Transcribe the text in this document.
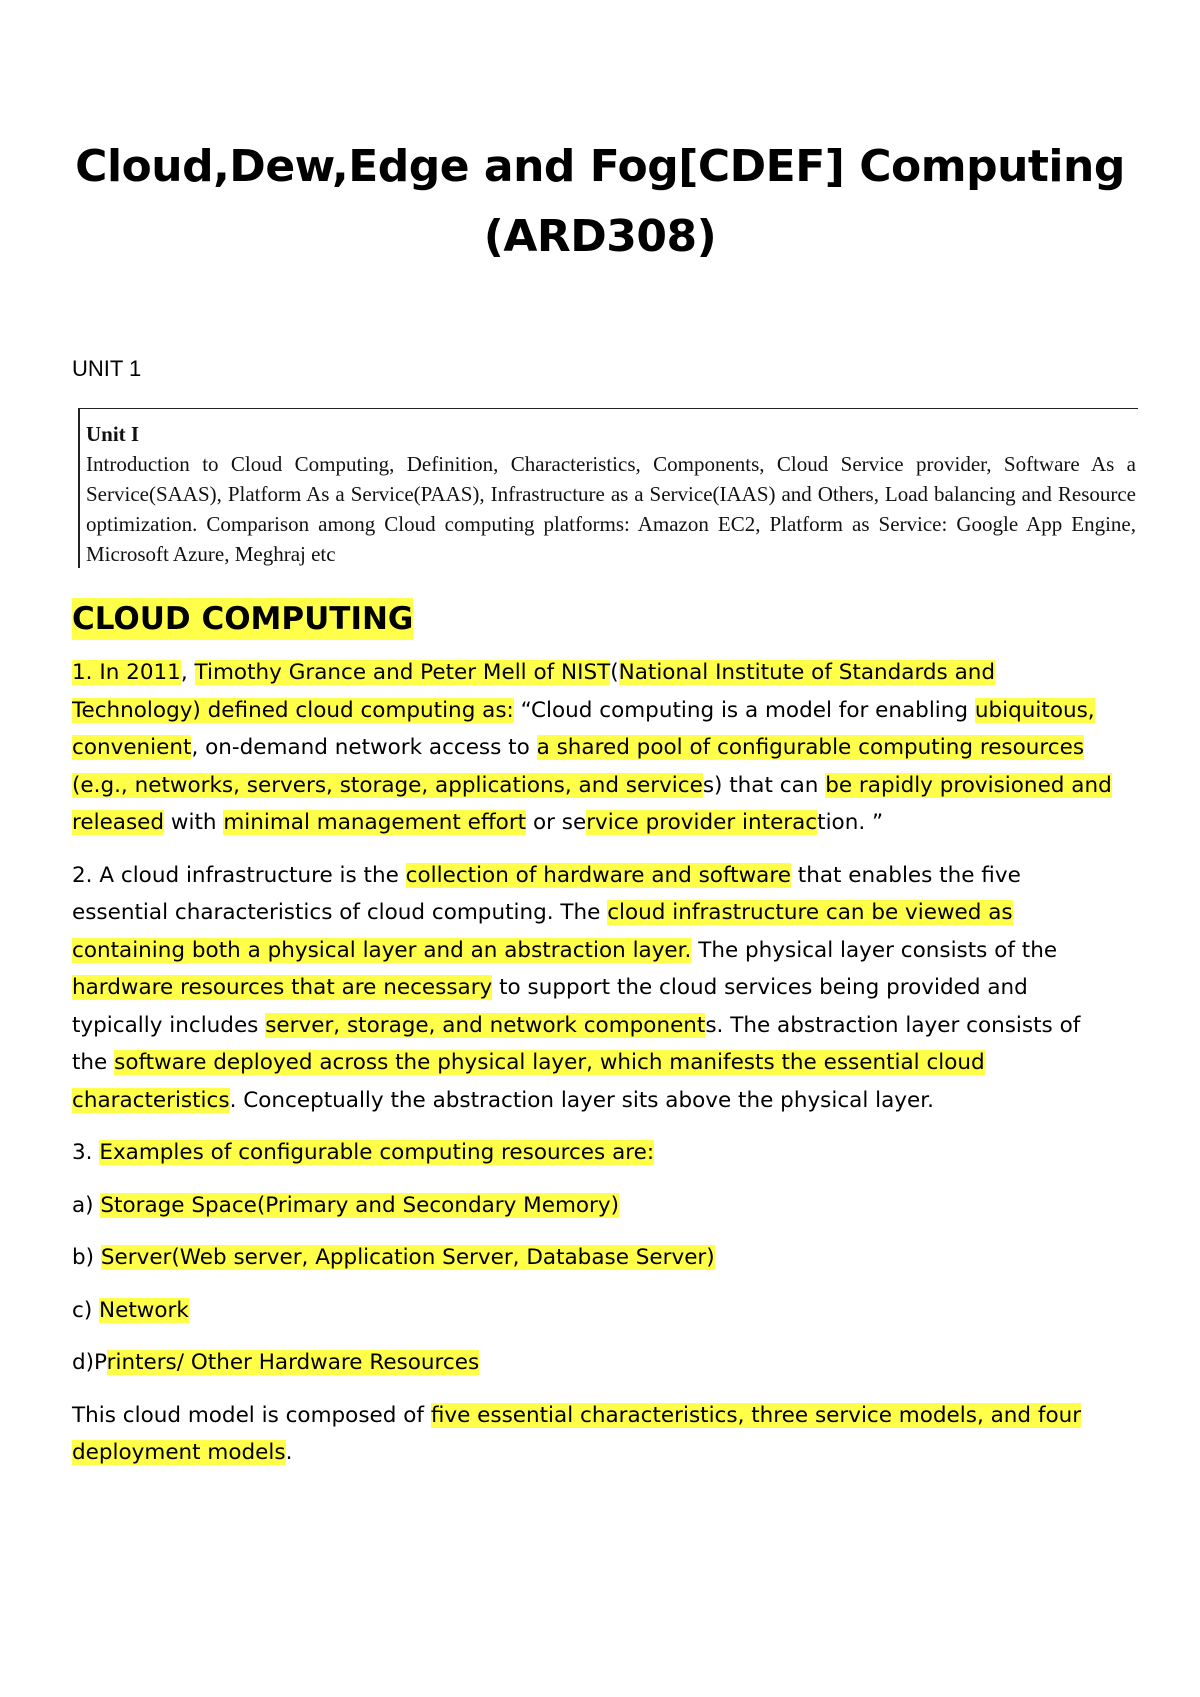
Cloud,Dew,Edge and Fog[CDEF] Computing
(ARD308)
UNIT 1
Unit I
Introduction to Cloud Computing, Definition, Characteristics, Components, Cloud Service provider, Software As a Service(SAAS), Platform As a Service(PAAS), Infrastructure as a Service(IAAS) and Others, Load balancing and Resource optimization. Comparison among Cloud computing platforms: Amazon EC2, Platform as Service: Google App Engine, Microsoft Azure, Meghraj etc
CLOUD COMPUTING

1. In 2011, Timothy Grance and Peter Mell of NIST(National Institute of Standards and Technology) defined cloud computing as: “Cloud computing is a model for enabling ubiquitous, convenient, on-demand network access to a shared pool of configurable computing resources (e.g., networks, servers, storage, applications, and services) that can be rapidly provisioned and released with minimal management effort or service provider interaction. ”

2. A cloud infrastructure is the collection of hardware and software that enables the five essential characteristics of cloud computing. The cloud infrastructure can be viewed as containing both a physical layer and an abstraction layer. The physical layer consists of the hardware resources that are necessary to support the cloud services being provided and typically includes server, storage, and network components. The abstraction layer consists of the software deployed across the physical layer, which manifests the essential cloud characteristics. Conceptually the abstraction layer sits above the physical layer.

3. Examples of configurable computing resources are:

a) Storage Space(Primary and Secondary Memory)

b) Server(Web server, Application Server, Database Server)

c) Network

d)Printers/ Other Hardware Resources

This cloud model is composed of five essential characteristics, three service models, and four deployment models.
